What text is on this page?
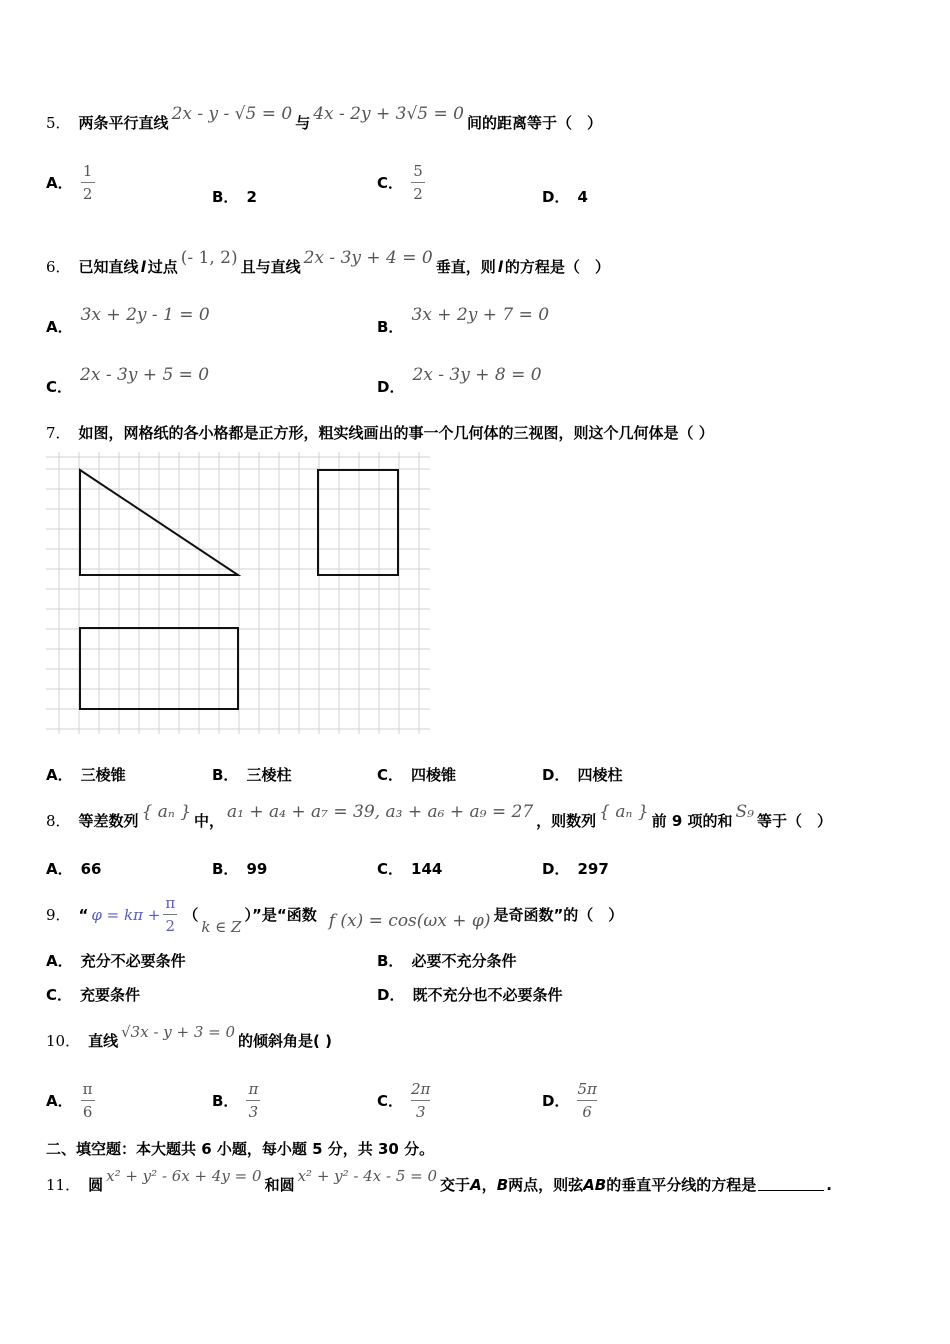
5． 两条平行直线 2x - y - √5 = 0 与 4x - 2y + 3√5 = 0 间的距离等于（　）
A． $\frac{1}{2}$	B． 2
C． $\frac{5}{2}$	D． 4
6． 已知直线 l 过点 (- 1, 2) 且与直线 2x - 3y + 4 = 0 垂直，则 l 的方程是（　）
A．
3x + 2y - 1 = 0
B．
3x + 2y + 7 = 0
C．
2x - 3y + 5 = 0
D．
2x - 3y + 8 = 0
7． 如图，网格纸的各小格都是正方形，粗实线画出的事一个几何体的三视图，则这个几何体是（ ）
A． 三棱锥	B． 三棱柱	C． 四棱锥	D． 四棱柱
8． 等差数列 { aₙ } 中， a₁ + a₄ + a₇ = 39, a₃ + a₆ + a₉ = 27 ，则数列 { aₙ } 前 9 项的和 S₉ 等于（　）
A． 66	B． 99	C． 144	D． 297
9． “ $\varphi = k\pi + \frac{\pi}{2}$ （
k ∈ Z
）”是“函数 f (x) = cos(ωx + φ) 是奇函数”的（　）
A． 充分不必要条件	B． 必要不充分条件
C． 充要条件	D． 既不充分也不必要条件
10． 直线
√3x - y + 3 = 0
的倾斜角是( )
A． $\frac{\pi}{6}$	B． $\frac{\pi}{3}$	C． $\frac{2\pi}{3}$	D． $\frac{5\pi}{6}$
二、填空题：本大题共 6 小题，每小题 5 分，共 30 分。
11． 圆
x² + y² - 6x + 4y = 0
和圆
x² + y² - 4x - 5 = 0
交于 A ， B 两点，则弦 AB 的垂直平分线的方程是	.
